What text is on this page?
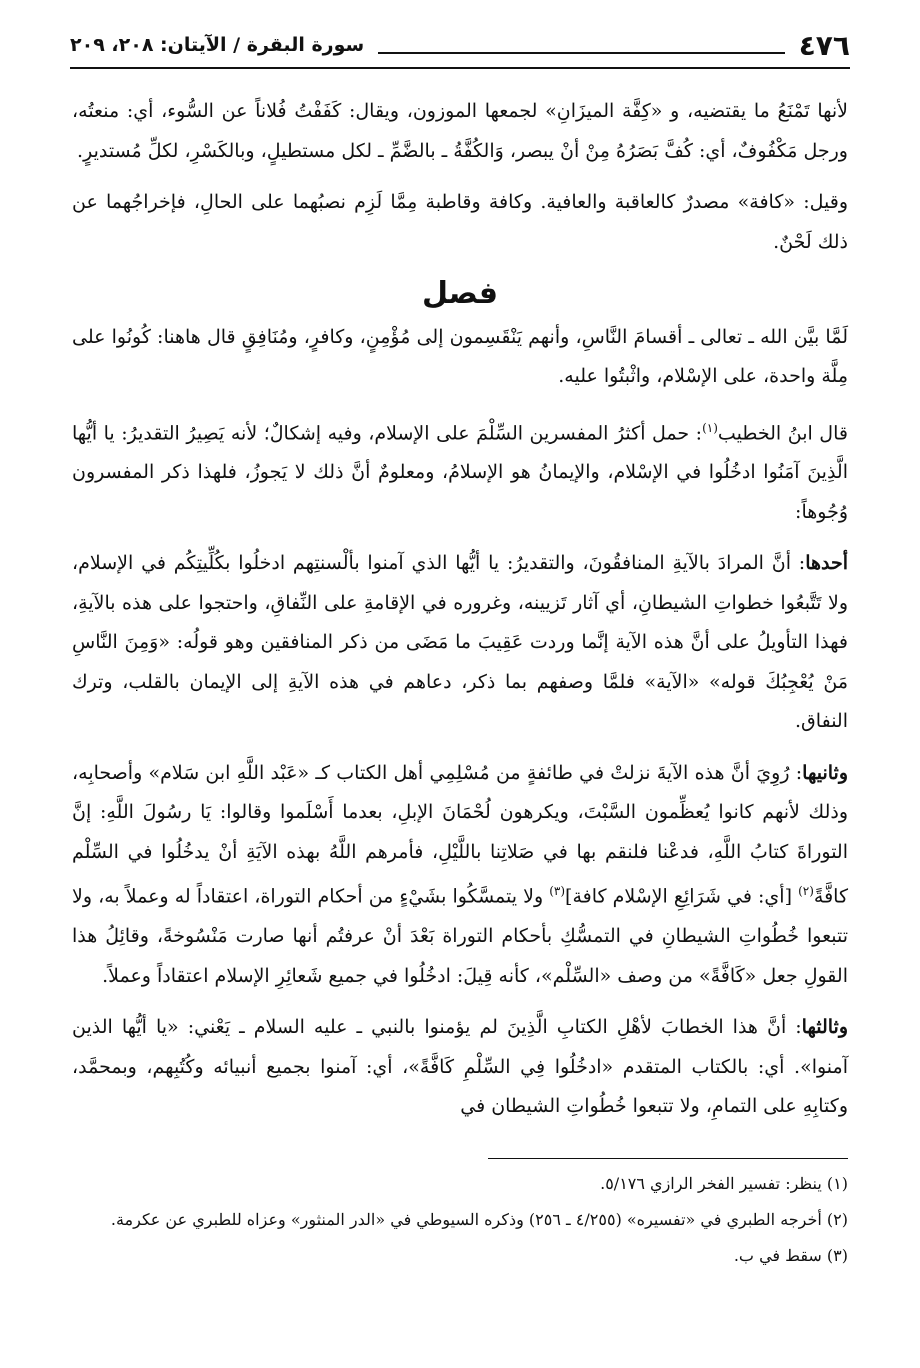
٤٧٦
سورة البقرة / الآيتان: ٢٠٨، ٢٠٩

لأنها تَمْنَعُ ما يقتضيه، و «كِفَّة الميزَانِ» لجمعها الموزون، ويقال: كَفَفْتُ فُلاناً عن السُّوء، أي: منعتُه، ورجل مَكْفُوفٌ، أي: كُفَّ بَصَرُهُ مِنْ أنْ يبصر، وَالكُفَّةُ ـ بالضَّمِّ ـ لكل مستطيلٍ، وبالكَسْرِ، لكلِّ مُستديرٍ.

وقيل: «كافة» مصدرٌ كالعاقبة والعافية. وكافة وقاطبة مِمَّا لَزِم نصبُهما على الحالِ، فإخراجُهما عن ذلك لَحْنٌ.

فصل

لَمَّا بيَّن الله ـ تعالى ـ أقسامَ النَّاسِ، وأنهم يَنْقَسِمون إلى مُؤْمِنٍ، وكافرٍ، ومُنَافِقٍ قال هاهنا: كُونُوا على مِلَّة واحدة، على الإسْلام، واثْبتُوا عليه.

قال ابنُ الخطيب$^{(١)}$: حمل أكثرُ المفسرين السِّلْمَ على الإسلام، وفيه إشكالٌ؛ لأنه يَصِيرُ التقديرُ: يا أيُّها الَّذِينَ آمَنُوا ادخُلُوا في الإسْلام، والإيمانُ هو الإسلامُ، ومعلومٌ أنَّ ذلك لا يَجوزُ، فلهذا ذكر المفسرون وُجُوهاً:

أحدها: أنَّ المرادَ بالآيةِ المنافقُونَ، والتقديرُ: يا أيُّها الذي آمنوا بألْسنتِهم ادخلُوا بكُلِّيتِكُم في الإسلام، ولا تَتَّبعُوا خطواتِ الشيطانِ، أي آثار تَزيينه، وغروره في الإقامةِ على النِّفاقِ، واحتجوا على هذه بالآيةِ، فهذا التأويلُ على أنَّ هذه الآية إنَّما وردت عَقِيبَ ما مَضَى من ذكر المنافقين وهو قولُه: «وَمِنَ النَّاسِ مَنْ يُعْجِبُكَ قوله» «الآية» فلمَّا وصفهم بما ذكر، دعاهم في هذه الآيةِ إلى الإيمان بالقلب، وترك النفاق.

وثانيها: رُوِيَ أنَّ هذه الآيةَ نزلتْ في طائفةٍ من مُسْلِمِي أهل الكتاب كـ «عَبْد اللَّهِ ابن سَلام» وأصحابِه، وذلك لأنهم كانوا يُعظِّمون السَّبْتَ، ويكرهون لُحْمَانَ الإبلِ، بعدما أَسْلَموا وقالوا: يَا رسُولَ اللَّهِ: إنَّ التوراةَ كتابُ اللَّهِ، فدعْنا فلنقم بها في صَلاتِنا باللَّيْلِ، فأمرهم اللَّهُ بهذه الآيَةِ أنْ يدخُلُوا في السِّلْم كافَّةً$^{(٢)}$ [أي: في شَرَائِعِ الإسْلام كافة]$^{(٣)}$ ولا يتمسَّكُوا بشَيْءٍ من أحكام التوراة، اعتقاداً له وعملاً به، ولا تتبعوا خُطُواتِ الشيطانِ في التمسُّكِ بأحكام التوراة بَعْدَ أنْ عرفتُم أنها صارت مَنْسُوخةً، وقائِلُ هذا القولِ جعل «كَافَّةً» من وصف «السِّلْم»، كأنه قِيلَ: ادخُلُوا في جميع شَعائِرِ الإسلام اعتقاداً وعملاً.

وثالثها: أنَّ هذا الخطابَ لأهْلِ الكتابِ الَّذِينَ لم يؤمنوا بالنبي ـ عليه السلام ـ يَعْني: «يا أيُّها الذين آمنوا». أي: بالكتاب المتقدم «ادخُلُوا فِي السِّلْمِ كَافَّةً»، أي: آمنوا بجميع أنبيائه وكُتُبِهم، وبمحمَّد، وكتابِهِ على التمامِ، ولا تتبعوا خُطُواتِ الشيطان في

(١) ينظر: تفسير الفخر الرازي ٥/١٧٦.

(٢) أخرجه الطبري في «تفسيره» (٤/٢٥٥ ـ ٢٥٦) وذكره السيوطي في «الدر المنثور» وعزاه للطبري عن عكرمة.

(٣) سقط في ب.
